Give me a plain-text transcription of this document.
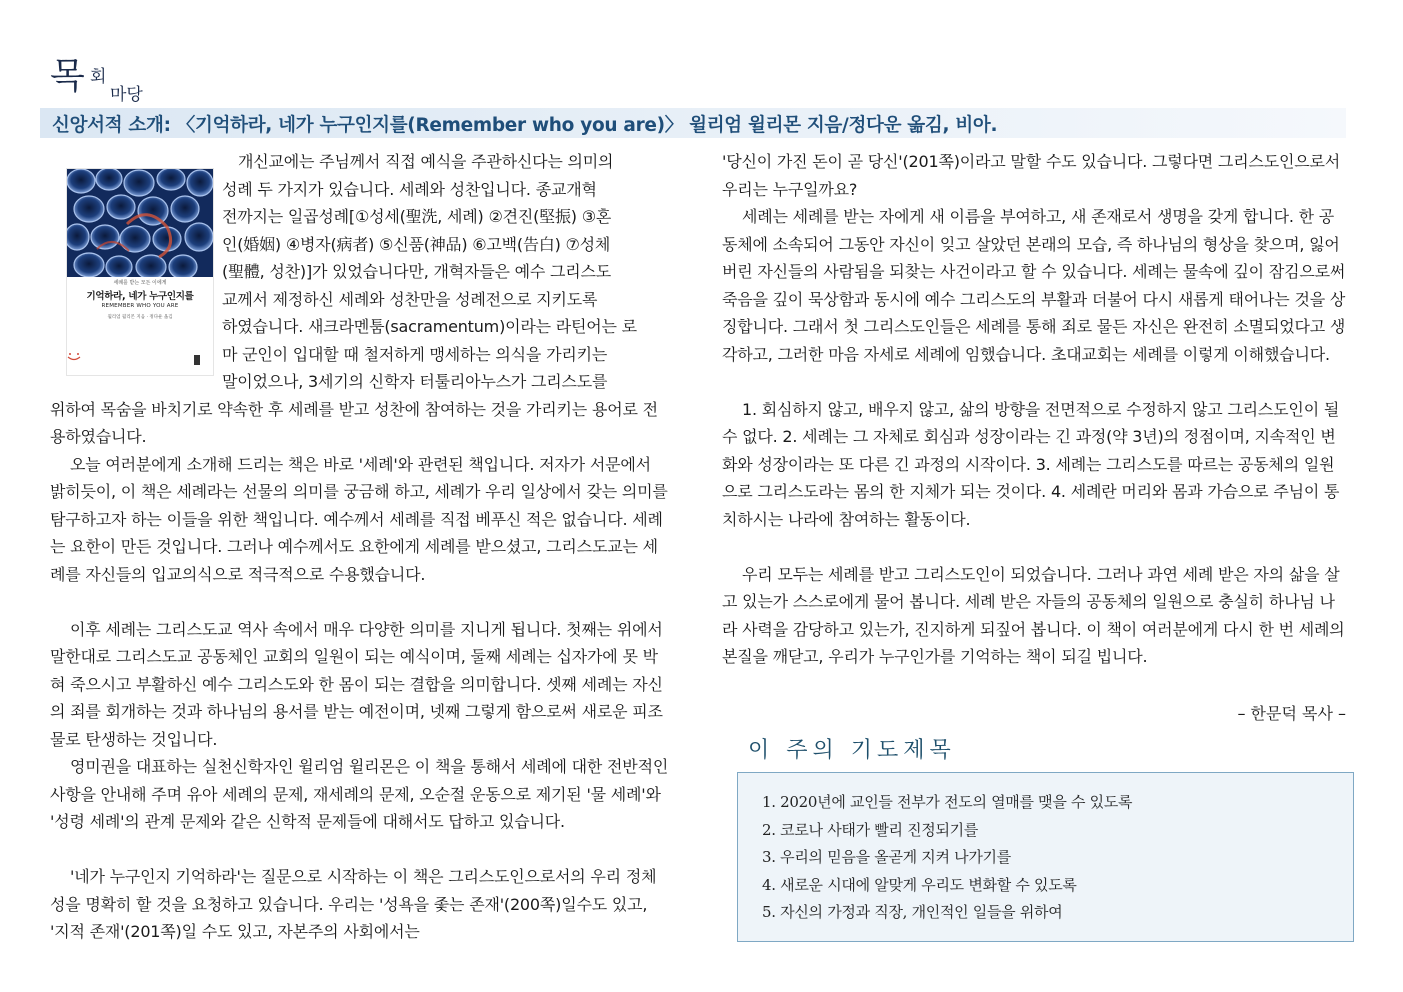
목 회
마당
신앙서적 소개: 〈기억하라, 네가 누구인지를(Remember who you are)〉 윌리엄 윌리몬 지음/정다운 옮김, 비아.
세례를 받는 모든 이에게
기억하라, 네가 누구인지를
REMEMBER WHO YOU ARE
윌리엄 윌리몬 지음 · 정다운 옮김

개신교에는 주님께서 직접 예식을 주관하신다는 의미의

성례 두 가지가 있습니다. 세례와 성찬입니다. 종교개혁

전까지는 일곱성례[①성세(聖洗, 세례) ②견진(堅振) ③혼

인(婚姻) ④병자(病者) ⑤신품(神品) ⑥고백(告白) ⑦성체

(聖體, 성찬)]가 있었습니다만, 개혁자들은 예수 그리스도

교께서 제정하신 세례와 성찬만을 성례전으로 지키도록

하였습니다. 새크라멘툼(sacramentum)이라는 라틴어는 로

마 군인이 입대할 때 철저하게 맹세하는 의식을 가리키는

말이었으나, 3세기의 신학자 터툴리아누스가 그리스도를

위하여 목숨을 바치기로 약속한 후 세례를 받고 성찬에 참여하는 것을 가리키는 용어로 전용하였습니다.

오늘 여러분에게 소개해 드리는 책은 바로 '세례'와 관련된 책입니다. 저자가 서문에서 밝히듯이, 이 책은 세례라는 선물의 의미를 궁금해 하고, 세례가 우리 일상에서 갖는 의미를 탐구하고자 하는 이들을 위한 책입니다. 예수께서 세례를 직접 베푸신 적은 없습니다. 세례는 요한이 만든 것입니다. 그러나 예수께서도 요한에게 세례를 받으셨고, 그리스도교는 세례를 자신들의 입교의식으로 적극적으로 수용했습니다.

이후 세례는 그리스도교 역사 속에서 매우 다양한 의미를 지니게 됩니다. 첫째는 위에서 말한대로 그리스도교 공동체인 교회의 일원이 되는 예식이며, 둘째 세례는 십자가에 못 박혀 죽으시고 부활하신 예수 그리스도와 한 몸이 되는 결합을 의미합니다. 셋째 세례는 자신의 죄를 회개하는 것과 하나님의 용서를 받는 예전이며, 넷째 그렇게 함으로써 새로운 피조물로 탄생하는 것입니다.

영미권을 대표하는 실천신학자인 윌리엄 윌리몬은 이 책을 통해서 세례에 대한 전반적인 사항을 안내해 주며 유아 세례의 문제, 재세례의 문제, 오순절 운동으로 제기된 '물 세례'와 '성령 세례'의 관계 문제와 같은 신학적 문제들에 대해서도 답하고 있습니다.

'네가 누구인지 기억하라'는 질문으로 시작하는 이 책은 그리스도인으로서의 우리 정체성을 명확히 할 것을 요청하고 있습니다. 우리는 '성욕을 좇는 존재'(200쪽)일수도 있고, '지적 존재'(201쪽)일 수도 있고, 자본주의 사회에서는

'당신이 가진 돈이 곧 당신'(201쪽)이라고 말할 수도 있습니다. 그렇다면 그리스도인으로서 우리는 누구일까요?

세례는 세례를 받는 자에게 새 이름을 부여하고, 새 존재로서 생명을 갖게 합니다. 한 공동체에 소속되어 그동안 자신이 잊고 살았던 본래의 모습, 즉 하나님의 형상을 찾으며, 잃어버린 자신들의 사람됨을 되찾는 사건이라고 할 수 있습니다. 세례는 물속에 깊이 잠김으로써 죽음을 깊이 묵상함과 동시에 예수 그리스도의 부활과 더불어 다시 새롭게 태어나는 것을 상징합니다. 그래서 첫 그리스도인들은 세례를 통해 죄로 물든 자신은 완전히 소멸되었다고 생각하고, 그러한 마음 자세로 세례에 임했습니다. 초대교회는 세례를 이렇게 이해했습니다.

1. 회심하지 않고, 배우지 않고, 삶의 방향을 전면적으로 수정하지 않고 그리스도인이 될 수 없다. 2. 세례는 그 자체로 회심과 성장이라는 긴 과정(약 3년)의 정점이며, 지속적인 변화와 성장이라는 또 다른 긴 과정의 시작이다. 3. 세례는 그리스도를 따르는 공동체의 일원으로 그리스도라는 몸의 한 지체가 되는 것이다. 4. 세례란 머리와 몸과 가슴으로 주님이 통치하시는 나라에 참여하는 활동이다.

우리 모두는 세례를 받고 그리스도인이 되었습니다. 그러나 과연 세례 받은 자의 삶을 살고 있는가 스스로에게 물어 봅니다. 세례 받은 자들의 공동체의 일원으로 충실히 하나님 나라 사력을 감당하고 있는가, 진지하게 되짚어 봅니다. 이 책이 여러분에게 다시 한 번 세례의 본질을 깨닫고, 우리가 누구인가를 기억하는 책이 되길 빕니다.

– 한문덕 목사 –
이 주의 기도제목
1. 2020년에 교인들 전부가 전도의 열매를 맺을 수 있도록
2. 코로나 사태가 빨리 진정되기를
3. 우리의 믿음을 올곧게 지켜 나가기를
4. 새로운 시대에 알맞게 우리도 변화할 수 있도록
5. 자신의 가정과 직장, 개인적인 일들을 위하여
